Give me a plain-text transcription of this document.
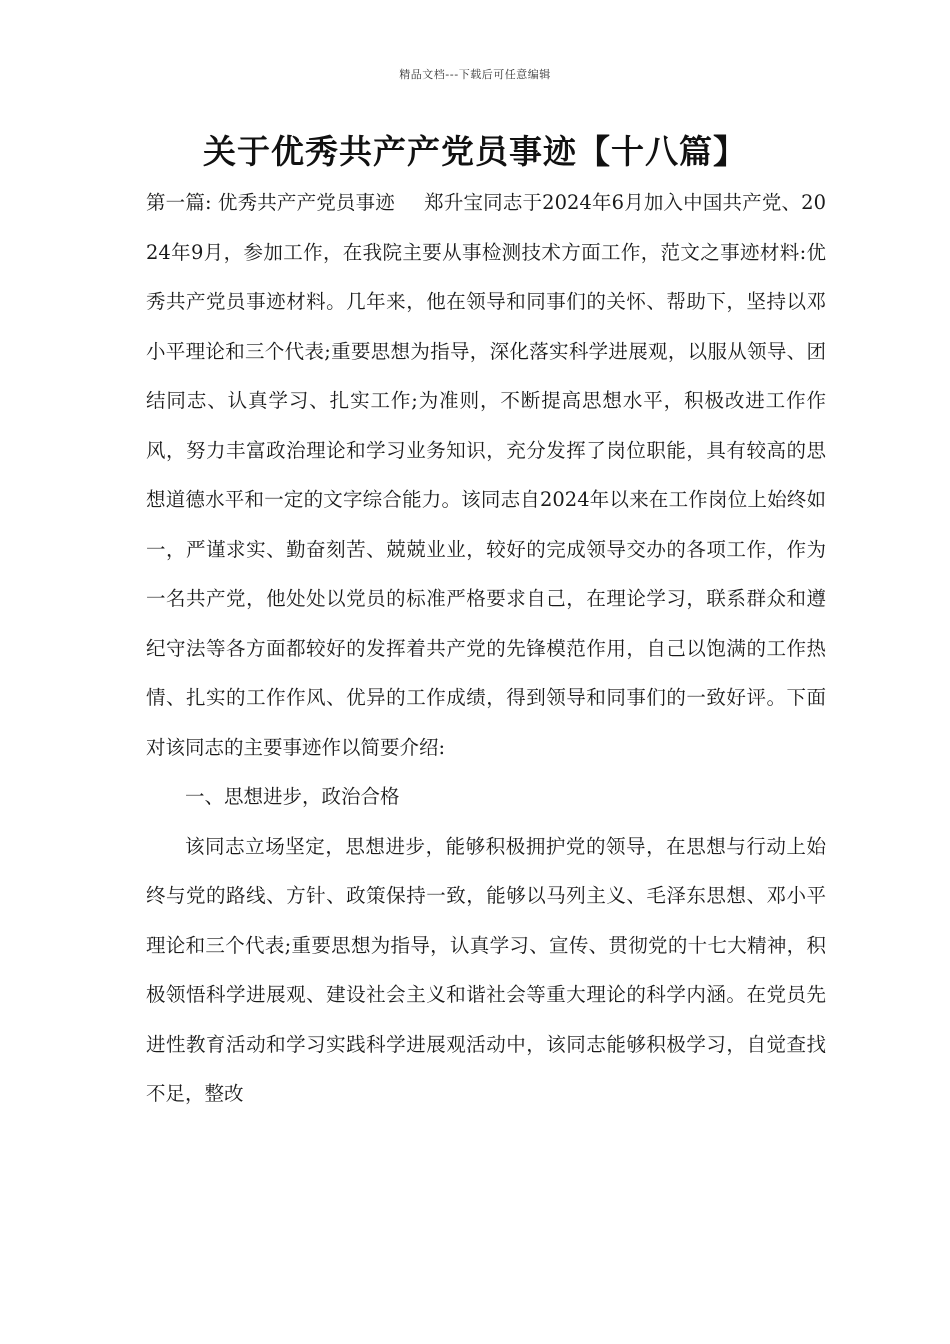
精品文档---下载后可任意编辑
关于优秀共产产党员事迹【十八篇】

第一篇: 优秀共产产党员事迹 郑升宝同志于2024年6月加入中国共产党、2024年9月，参加工作，在我院主要从事检测技术方面工作，范文之事迹材料:优秀共产党员事迹材料。几年来，他在领导和同事们的关怀、帮助下，坚持以邓小平理论和三个代表;重要思想为指导，深化落实科学进展观，以服从领导、团结同志、认真学习、扎实工作;为准则，不断提高思想水平，积极改进工作作风，努力丰富政治理论和学习业务知识，充分发挥了岗位职能，具有较高的思想道德水平和一定的文字综合能力。该同志自2024年以来在工作岗位上始终如一，严谨求实、勤奋刻苦、兢兢业业，较好的完成领导交办的各项工作，作为一名共产党，他处处以党员的标准严格要求自己，在理论学习，联系群众和遵纪守法等各方面都较好的发挥着共产党的先锋模范作用，自己以饱满的工作热情、扎实的工作作风、优异的工作成绩，得到领导和同事们的一致好评。下面对该同志的主要事迹作以简要介绍:

一、思想进步，政治合格

该同志立场坚定，思想进步，能够积极拥护党的领导，在思想与行动上始终与党的路线、方针、政策保持一致，能够以马列主义、毛泽东思想、邓小平理论和三个代表;重要思想为指导，认真学习、宣传、贯彻党的十七大精神，积极领悟科学进展观、建设社会主义和谐社会等重大理论的科学内涵。在党员先进性教育活动和学习实践科学进展观活动中，该同志能够积极学习，自觉查找不足，整改
